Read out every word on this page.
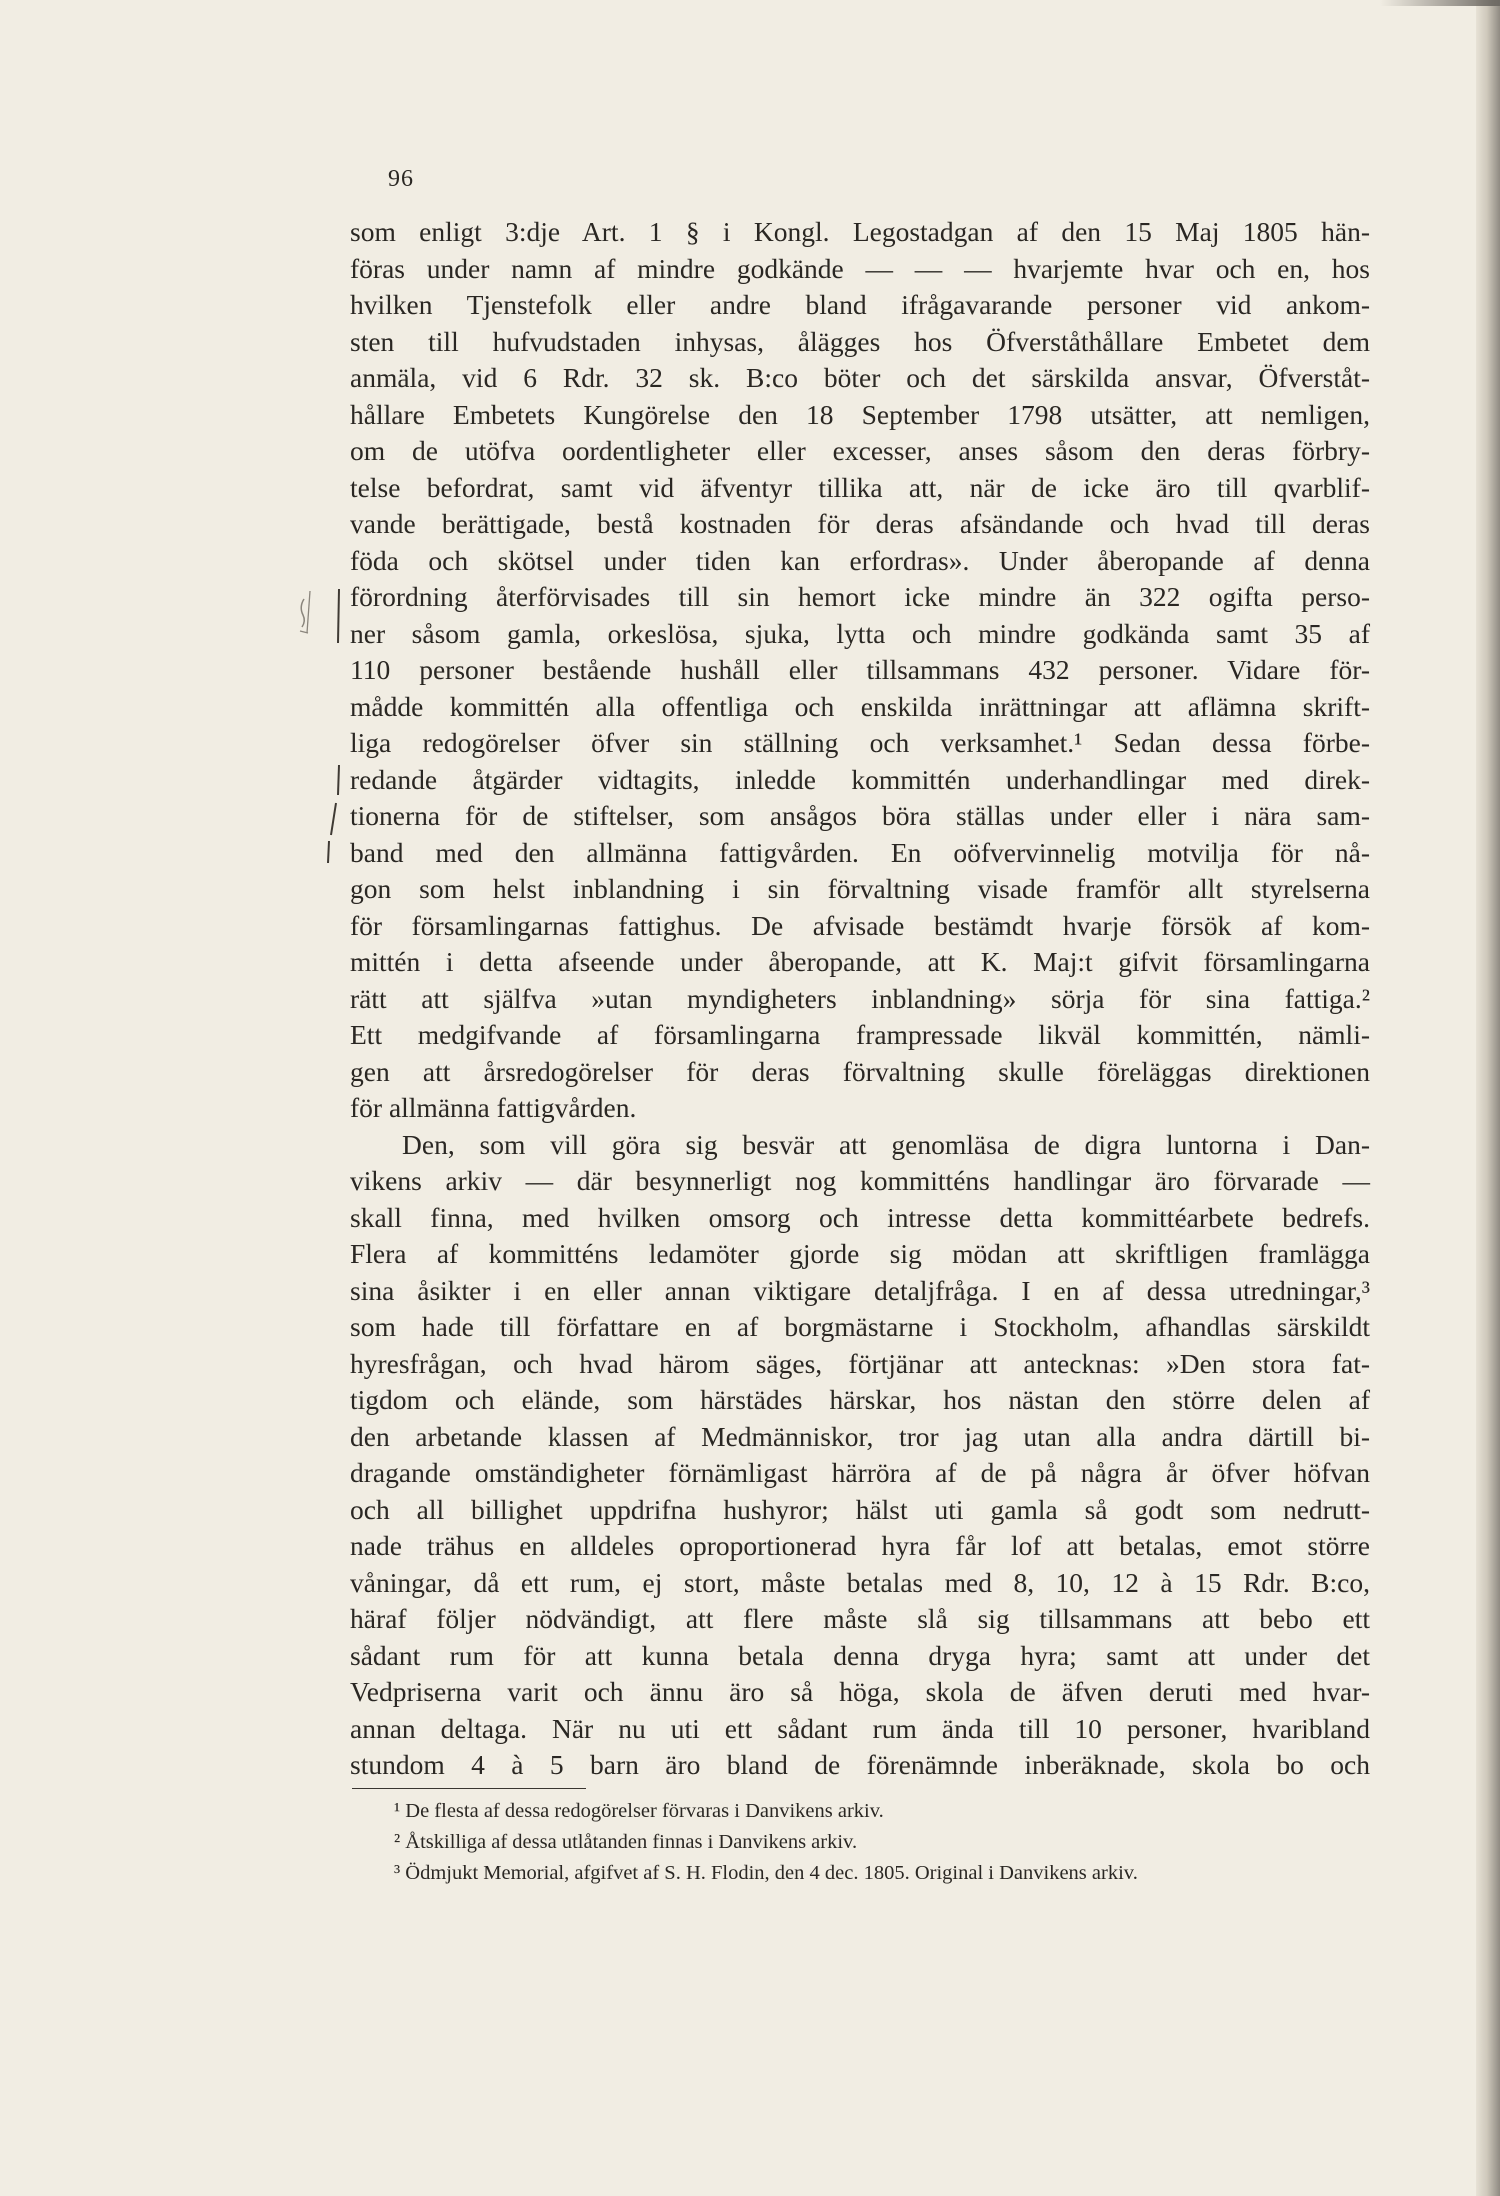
96
som enligt 3:dje Art. 1 § i Kongl. Legostadgan af den 15 Maj 1805 hän-
föras under namn af mindre godkände — — — hvarjemte hvar och en, hos
hvilken Tjenstefolk eller andre bland ifrågavarande personer vid ankom-
sten till hufvudstaden inhysas, ålägges hos Öfverståthållare Embetet dem
anmäla, vid 6 Rdr. 32 sk. B:co böter och det särskilda ansvar, Öfverståt-
hållare Embetets Kungörelse den 18 September 1798 utsätter, att nemligen,
om de utöfva oordentligheter eller excesser, anses såsom den deras förbry-
telse befordrat, samt vid äfventyr tillika att, när de icke äro till qvarblif-
vande berättigade, bestå kostnaden för deras afsändande och hvad till deras
föda och skötsel under tiden kan erfordras». Under åberopande af denna
förordning återförvisades till sin hemort icke mindre än 322 ogifta perso-
ner såsom gamla, orkeslösa, sjuka, lytta och mindre godkända samt 35 af
110 personer bestående hushåll eller tillsammans 432 personer. Vidare för-
mådde kommittén alla offentliga och enskilda inrättningar att aflämna skrift-
liga redogörelser öfver sin ställning och verksamhet.¹ Sedan dessa förbe-
redande åtgärder vidtagits, inledde kommittén underhandlingar med direk-
tionerna för de stiftelser, som ansågos böra ställas under eller i nära sam-
band med den allmänna fattigvården. En oöfvervinnelig motvilja för nå-
gon som helst inblandning i sin förvaltning visade framför allt styrelserna
för församlingarnas fattighus. De afvisade bestämdt hvarje försök af kom-
mittén i detta afseende under åberopande, att K. Maj:t gifvit församlingarna
rätt att själfva »utan myndigheters inblandning» sörja för sina fattiga.²
Ett medgifvande af församlingarna frampressade likväl kommittén, nämli-
gen att årsredogörelser för deras förvaltning skulle föreläggas direktionen
för allmänna fattigvården.
Den, som vill göra sig besvär att genomläsa de digra luntorna i Dan-
vikens arkiv — där besynnerligt nog kommitténs handlingar äro förvarade —
skall finna, med hvilken omsorg och intresse detta kommittéarbete bedrefs.
Flera af kommitténs ledamöter gjorde sig mödan att skriftligen framlägga
sina åsikter i en eller annan viktigare detaljfråga. I en af dessa utredningar,³
som hade till författare en af borgmästarne i Stockholm, afhandlas särskildt
hyresfrågan, och hvad härom säges, förtjänar att antecknas: »Den stora fat-
tigdom och elände, som härstädes härskar, hos nästan den större delen af
den arbetande klassen af Medmänniskor, tror jag utan alla andra därtill bi-
dragande omständigheter förnämligast härröra af de på några år öfver höfvan
och all billighet uppdrifna hushyror; hälst uti gamla så godt som nedrutt-
nade trähus en alldeles oproportionerad hyra får lof att betalas, emot större
våningar, då ett rum, ej stort, måste betalas med 8, 10, 12 à 15 Rdr. B:co,
häraf följer nödvändigt, att flere måste slå sig tillsammans att bebo ett
sådant rum för att kunna betala denna dryga hyra; samt att under det
Vedpriserna varit och ännu äro så höga, skola de äfven deruti med hvar-
annan deltaga. När nu uti ett sådant rum ända till 10 personer, hvaribland
stundom 4 à 5 barn äro bland de förenämnde inberäknade, skola bo och
¹ De flesta af dessa redogörelser förvaras i Danvikens arkiv.
² Åtskilliga af dessa utlåtanden finnas i Danvikens arkiv.
³ Ödmjukt Memorial, afgifvet af S. H. Flodin, den 4 dec. 1805. Original i Danvikens arkiv.
